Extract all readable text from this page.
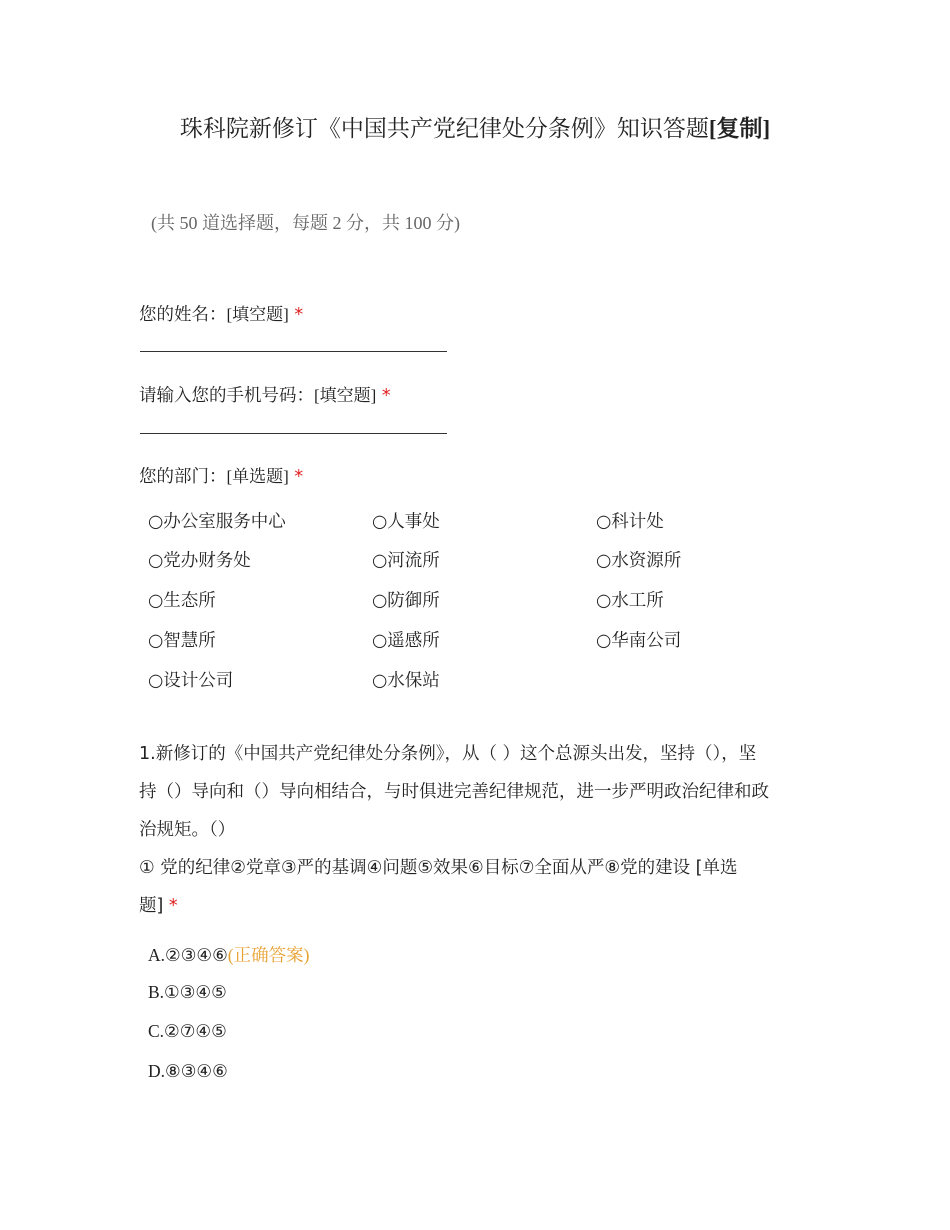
珠科院新修订《中国共产党纪律处分条例》知识答题[复制]
(共 50 道选择题，每题 2 分，共 100 分)
您的姓名：[填空题] *
请输入您的手机号码：[填空题] *
您的部门：[单选题] *
○办公室服务中心	○人事处	○科计处
○党办财务处	○河流所	○水资源所
○生态所	○防御所	○水工所
○智慧所	○遥感所	○华南公司
○设计公司	○水保站
1.新修订的《中国共产党纪律处分条例》，从（ ）这个总源头出发，坚持（），坚
持（）导向和（）导向相结合，与时俱进完善纪律规范，进一步严明政治纪律和政
治规矩。（）
① 党的纪律②党章③严的基调④问题⑤效果⑥目标⑦全面从严⑧党的建设 [单选
题] *
A.②③④⑥(正确答案)
B.①③④⑤
C.②⑦④⑤
D.⑧③④⑥
